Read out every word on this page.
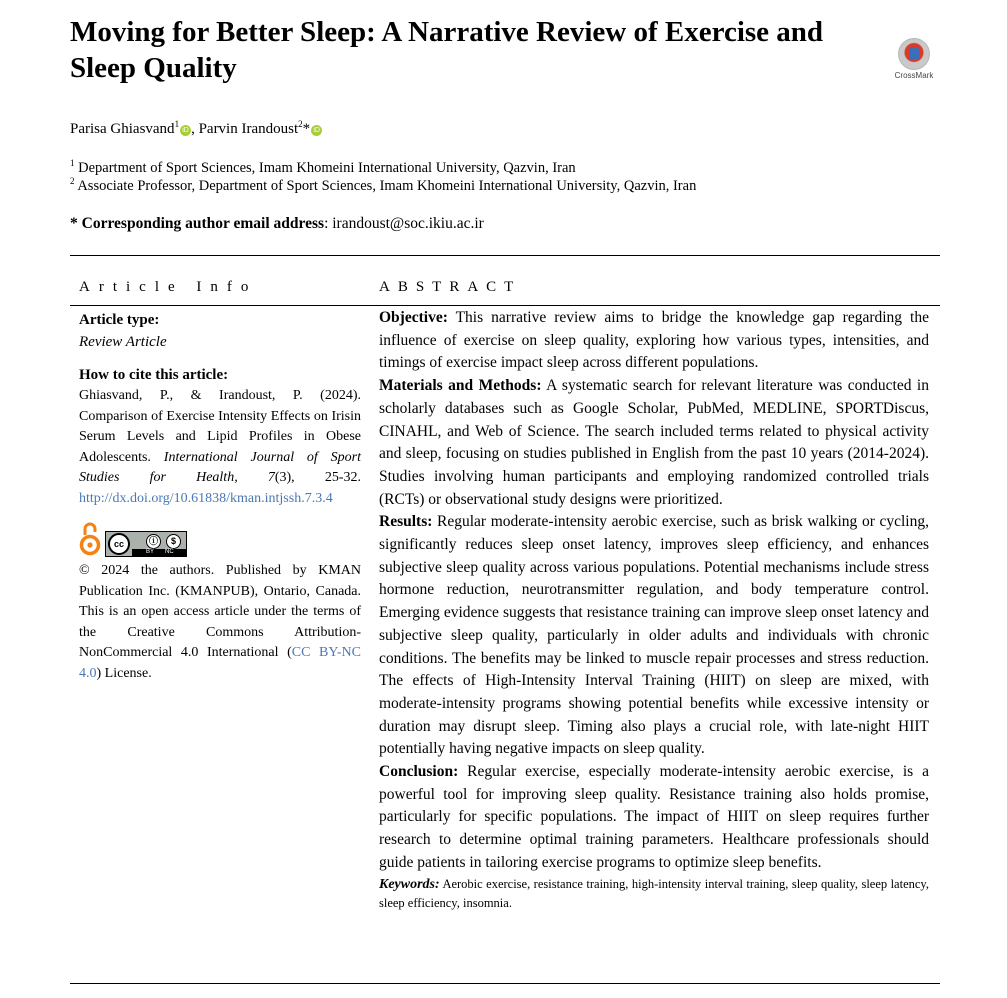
Moving for Better Sleep: A Narrative Review of Exercise and Sleep Quality	CrossMark
Parisa Ghiasvand$^1$iD , Parvin Irandoust$^2$* iD
$^1$ Department of Sport Sciences, Imam Khomeini International University, Qazvin, Iran
$^2$ Associate Professor, Department of Sport Sciences, Imam Khomeini International University, Qazvin, Iran
* Corresponding author email address: irandoust@soc.ikiu.ac.ir
Article Info	ABSTRACT
Article type:
Review Article
How to cite this article:
Ghiasvand, P., & Irandoust, P. (2024). Comparison of Exercise Intensity Effects on Irisin Serum Levels and Lipid Profiles in Obese Adolescents. International Journal of Sport Studies for Health, 7(3), 25-32. http://dx.doi.org/10.61838/kman.intjssh.7.3.4
cc	ⓘ	$
BY NC
© 2024 the authors. Published by KMAN Publication Inc. (KMANPUB), Ontario, Canada. This is an open access article under the terms of the Creative Commons Attribution-NonCommercial 4.0 International (CC BY-NC 4.0) License.

Objective: This narrative review aims to bridge the knowledge gap regarding the influence of exercise on sleep quality, exploring how various types, intensities, and timings of exercise impact sleep across different populations.

Materials and Methods: A systematic search for relevant literature was conducted in scholarly databases such as Google Scholar, PubMed, MEDLINE, SPORTDiscus, CINAHL, and Web of Science. The search included terms related to physical activity and sleep, focusing on studies published in English from the past 10 years (2014-2024). Studies involving human participants and employing randomized controlled trials (RCTs) or observational study designs were prioritized.

Results: Regular moderate-intensity aerobic exercise, such as brisk walking or cycling, significantly reduces sleep onset latency, improves sleep efficiency, and enhances subjective sleep quality across various populations. Potential mechanisms include stress hormone reduction, neurotransmitter regulation, and body temperature control. Emerging evidence suggests that resistance training can improve sleep onset latency and subjective sleep quality, particularly in older adults and individuals with chronic conditions. The benefits may be linked to muscle repair processes and stress reduction. The effects of High-Intensity Interval Training (HIIT) on sleep are mixed, with moderate-intensity programs showing potential benefits while excessive intensity or duration may disrupt sleep. Timing also plays a crucial role, with late-night HIIT potentially having negative impacts on sleep quality.

Conclusion: Regular exercise, especially moderate-intensity aerobic exercise, is a powerful tool for improving sleep quality. Resistance training also holds promise, particularly for specific populations. The impact of HIIT on sleep requires further research to determine optimal training parameters. Healthcare professionals should guide patients in tailoring exercise programs to optimize sleep benefits.

Keywords: Aerobic exercise, resistance training, high-intensity interval training, sleep quality, sleep latency, sleep efficiency, insomnia.
